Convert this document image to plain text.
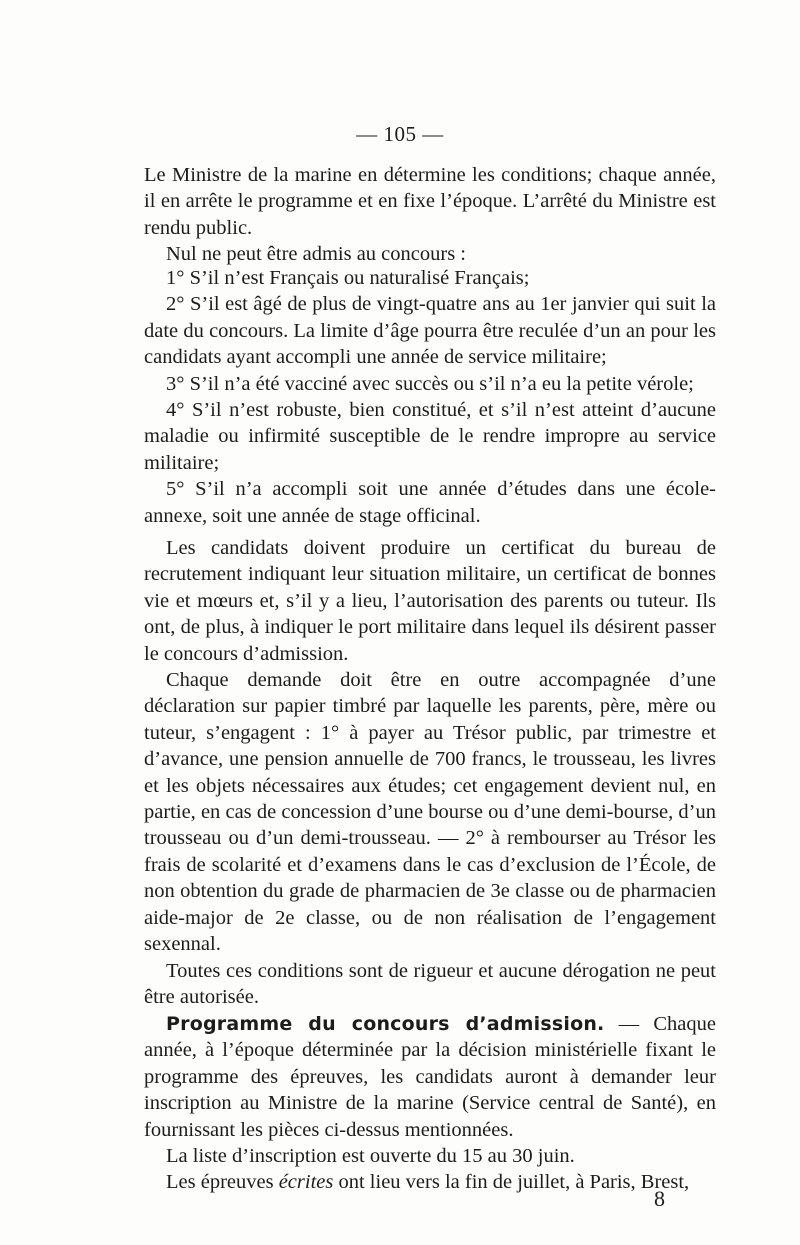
— 105 —

Le Ministre de la marine en détermine les conditions; chaque année, il en arrête le programme et en fixe l’époque. L’arrêté du Ministre est rendu public.

Nul ne peut être admis au concours :

1° S’il n’est Français ou naturalisé Français;

2° S’il est âgé de plus de vingt-quatre ans au 1er janvier qui suit la date du concours. La limite d’âge pourra être reculée d’un an pour les candidats ayant accompli une année de service militaire;

3° S’il n’a été vacciné avec succès ou s’il n’a eu la petite vérole;

4° S’il n’est robuste, bien constitué, et s’il n’est atteint d’aucune maladie ou infirmité susceptible de le rendre impropre au service militaire;

5° S’il n’a accompli soit une année d’études dans une école-annexe, soit une année de stage officinal.

Les candidats doivent produire un certificat du bureau de recrutement indiquant leur situation militaire, un certificat de bonnes vie et mœurs et, s’il y a lieu, l’autorisation des parents ou tuteur. Ils ont, de plus, à indiquer le port militaire dans lequel ils désirent passer le concours d’admission.

Chaque demande doit être en outre accompagnée d’une déclaration sur papier timbré par laquelle les parents, père, mère ou tuteur, s’engagent : 1° à payer au Trésor public, par trimestre et d’avance, une pension annuelle de 700 francs, le trousseau, les livres et les objets nécessaires aux études; cet engagement devient nul, en partie, en cas de concession d’une bourse ou d’une demi-bourse, d’un trousseau ou d’un demi-trousseau. — 2° à rembourser au Trésor les frais de scolarité et d’examens dans le cas d’exclusion de l’École, de non obtention du grade de pharmacien de 3e classe ou de pharmacien aide-major de 2e classe, ou de non réalisation de l’engagement sexennal.

Toutes ces conditions sont de rigueur et aucune dérogation ne peut être autorisée.

Programme du concours d’admission. — Chaque année, à l’époque déterminée par la décision ministérielle fixant le programme des épreuves, les candidats auront à demander leur inscription au Ministre de la marine (Service central de Santé), en fournissant les pièces ci-dessus mentionnées.

La liste d’inscription est ouverte du 15 au 30 juin.

Les épreuves écrites ont lieu vers la fin de juillet, à Paris, Brest,

8
